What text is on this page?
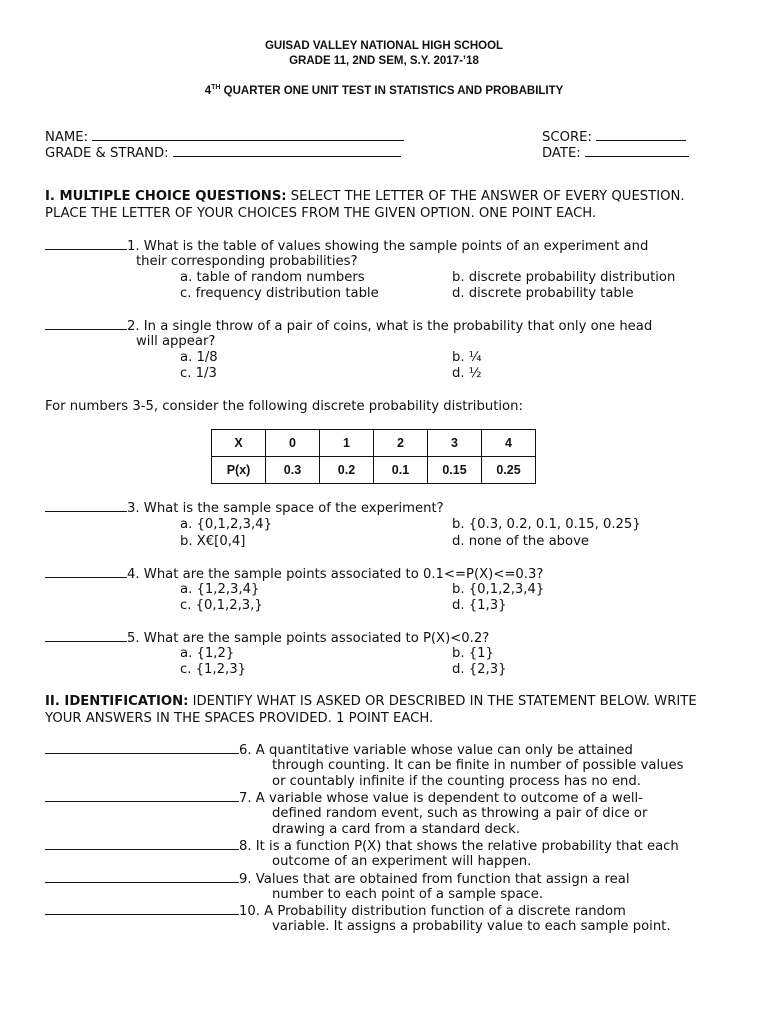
GUISAD VALLEY NATIONAL HIGH SCHOOL
GRADE 11, 2ND SEM, S.Y. 2017-’18
4TH QUARTER ONE UNIT TEST IN STATISTICS AND PROBABILITY
NAME:	SCORE:
GRADE & STRAND:	DATE:
I. MULTIPLE CHOICE QUESTIONS: SELECT THE LETTER OF THE ANSWER OF EVERY QUESTION.
PLACE THE LETTER OF YOUR CHOICES FROM THE GIVEN OPTION. ONE POINT EACH.
1. What is the table of values showing the sample points of an experiment and
their corresponding probabilities?
a. table of random numbers	b. discrete probability distribution
c. frequency distribution table	d. discrete probability table
2. In a single throw of a pair of coins, what is the probability that only one head
will appear?
a. 1/8	b. ¼
c. 1/3	d. ½
For numbers 3-5, consider the following discrete probability distribution:
X	0	1	2	3	4
P(x)	0.3	0.2	0.1	0.15	0.25
3. What is the sample space of the experiment?
a. {0,1,2,3,4}	b. {0.3, 0.2, 0.1, 0.15, 0.25}
b. X€[0,4]	d. none of the above
4. What are the sample points associated to 0.1<=P(X)<=0.3?
a. {1,2,3,4}	b. {0,1,2,3,4}
c. {0,1,2,3,}	d. {1,3}
5. What are the sample points associated to P(X)<0.2?
a. {1,2}	b. {1}
c. {1,2,3}	d. {2,3}
II. IDENTIFICATION: IDENTIFY WHAT IS ASKED OR DESCRIBED IN THE STATEMENT BELOW. WRITE
YOUR ANSWERS IN THE SPACES PROVIDED. 1 POINT EACH.
6. A quantitative variable whose value can only be attained
through counting. It can be finite in number of possible values
or countably infinite if the counting process has no end.
7. A variable whose value is dependent to outcome of a well-
defined random event, such as throwing a pair of dice or
drawing a card from a standard deck.
8. It is a function P(X) that shows the relative probability that each
outcome of an experiment will happen.
9. Values that are obtained from function that assign a real
number to each point of a sample space.
10. A Probability distribution function of a discrete random
variable. It assigns a probability value to each sample point.
